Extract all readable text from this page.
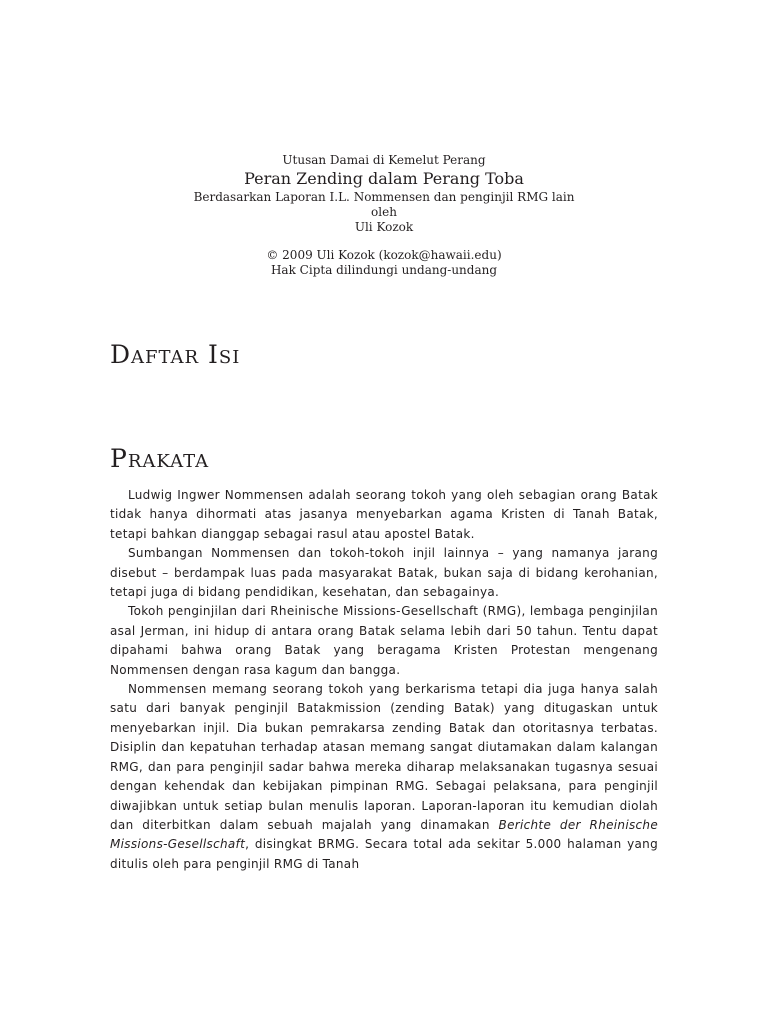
Utusan Damai di Kemelut Perang
Peran Zending dalam Perang Toba
Berdasarkan Laporan I.L. Nommensen dan penginjil RMG lain
oleh
Uli Kozok
© 2009 Uli Kozok (kozok@hawaii.edu)
Hak Cipta dilindungi undang-undang
Daftar Isi
Prakata

Ludwig Ingwer Nommensen adalah seorang tokoh yang oleh sebagian orang Batak tidak hanya dihormati atas jasanya menyebarkan agama Kristen di Tanah Batak, tetapi bahkan dianggap sebagai rasul atau apostel Batak.

Sumbangan Nommensen dan tokoh-tokoh injil lainnya – yang namanya jarang disebut – berdampak luas pada masyarakat Batak, bukan saja di bidang kerohanian, tetapi juga di bidang pendidikan, kesehatan, dan sebagainya.

Tokoh penginjilan dari Rheinische Missions-Gesellschaft (RMG), lembaga penginjilan asal Jerman, ini hidup di antara orang Batak selama lebih dari 50 tahun. Tentu dapat dipahami bahwa orang Batak yang beragama Kristen Protestan mengenang Nommensen dengan rasa kagum dan bangga.

Nommensen memang seorang tokoh yang berkarisma tetapi dia juga hanya salah satu dari banyak penginjil Batakmission (zending Batak) yang ditugaskan untuk menyebarkan injil. Dia bukan pemrakarsa zending Batak dan otoritasnya terbatas. Disiplin dan kepatuhan terhadap atasan memang sangat diutamakan dalam kalangan RMG, dan para penginjil sadar bahwa mereka diharap melaksanakan tugasnya sesuai dengan kehendak dan kebijakan pimpinan RMG. Sebagai pelaksana, para penginjil diwajibkan untuk setiap bulan menulis laporan. Laporan-laporan itu kemudian diolah dan diterbitkan dalam sebuah majalah yang dinamakan Berichte der Rheinische Missions-Gesellschaft, disingkat BRMG. Secara total ada sekitar 5.000 halaman yang ditulis oleh para penginjil RMG di Tanah
